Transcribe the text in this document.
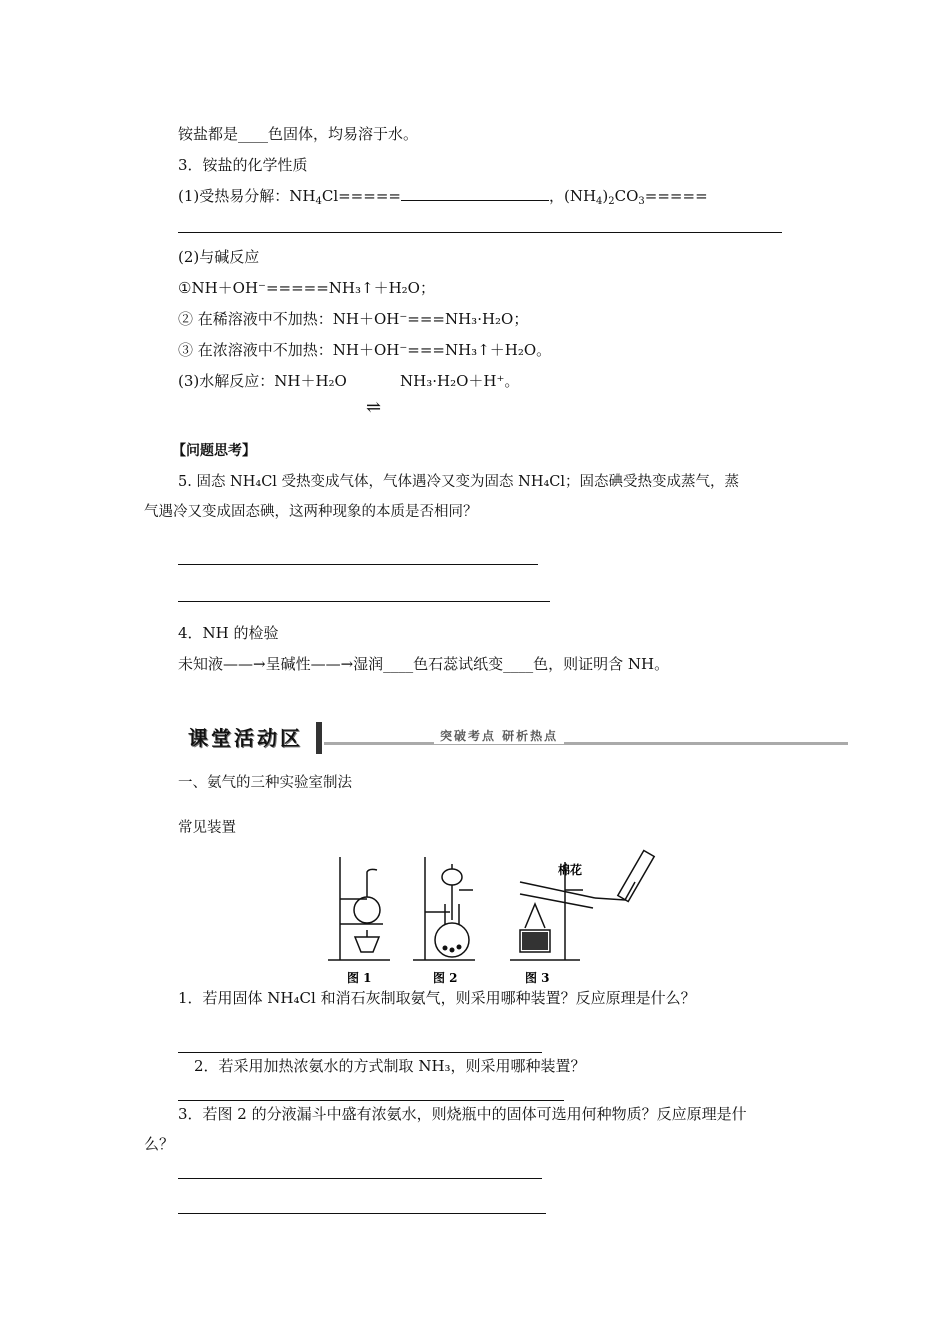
铵盐都是____色固体，均易溶于水。
3．铵盐的化学性质
(1)受热易分解：$NH_4Cl=====$	，$(NH_4)_2CO_3=====$
(2)与碱反应
①NH＋OH⁻=====NH₃↑＋H₂O；
② 在稀溶液中不加热：NH＋OH⁻===NH₃·H₂O；
③ 在浓溶液中不加热：NH＋OH⁻===NH₃↑＋H₂O。
(3)水解反应：NH＋H₂O	NH₃·H₂O＋H⁺。
⇌
【问题思考】
5. 固态 NH₄Cl 受热变成气体，气体遇冷又变为固态 NH₄Cl；固态碘受热变成蒸气，蒸
气遇冷又变成固态碘，这两种现象的本质是否相同？
4．NH 的检验
未知液——→呈碱性——→湿润____色石蕊试纸变____色，则证明含 NH。
课堂活动区	突破考点 研析热点
一、氨气的三种实验室制法
常见装置
棉花
图 1	图 2	图 3
1．若用固体 NH₄Cl 和消石灰制取氨气，则采用哪种装置？反应原理是什么？
2．若采用加热浓氨水的方式制取 NH₃，则采用哪种装置？
3．若图 2 的分液漏斗中盛有浓氨水，则烧瓶中的固体可选用何种物质？反应原理是什
么？
